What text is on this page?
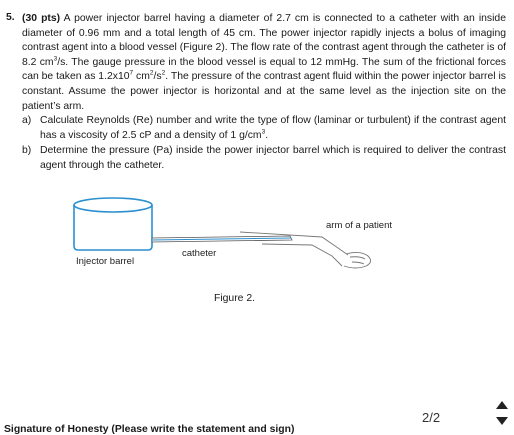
5. (30 pts) A power injector barrel having a diameter of 2.7 cm is connected to a catheter with an inside diameter of 0.96 mm and a total length of 45 cm. The power injector rapidly injects a bolus of imaging contrast agent into a blood vessel (Figure 2). The flow rate of the contrast agent through the catheter is of 8.2 $cm^3/s$. The gauge pressure in the blood vessel is equal to 12 mmHg. The sum of the frictional forces can be taken as $1.2x10^7$ $cm^2/s^2$. The pressure of the contrast agent fluid within the power injector barrel is constant. Assume the power injector is horizontal and at the same level as the injection site on the patient’s arm.
a) Calculate Reynolds (Re) number and write the type of flow (laminar or turbulent) if the contrast agent has a viscosity of 2.5 cP and a density of 1 $g/cm^3$.
b) Determine the pressure (Pa) inside the power injector barrel which is required to deliver the contrast agent through the catheter.
Injector barrel
catheter
arm of a patient
Figure 2.
2/2
Signature of Honesty (Please write the statement and sign)
